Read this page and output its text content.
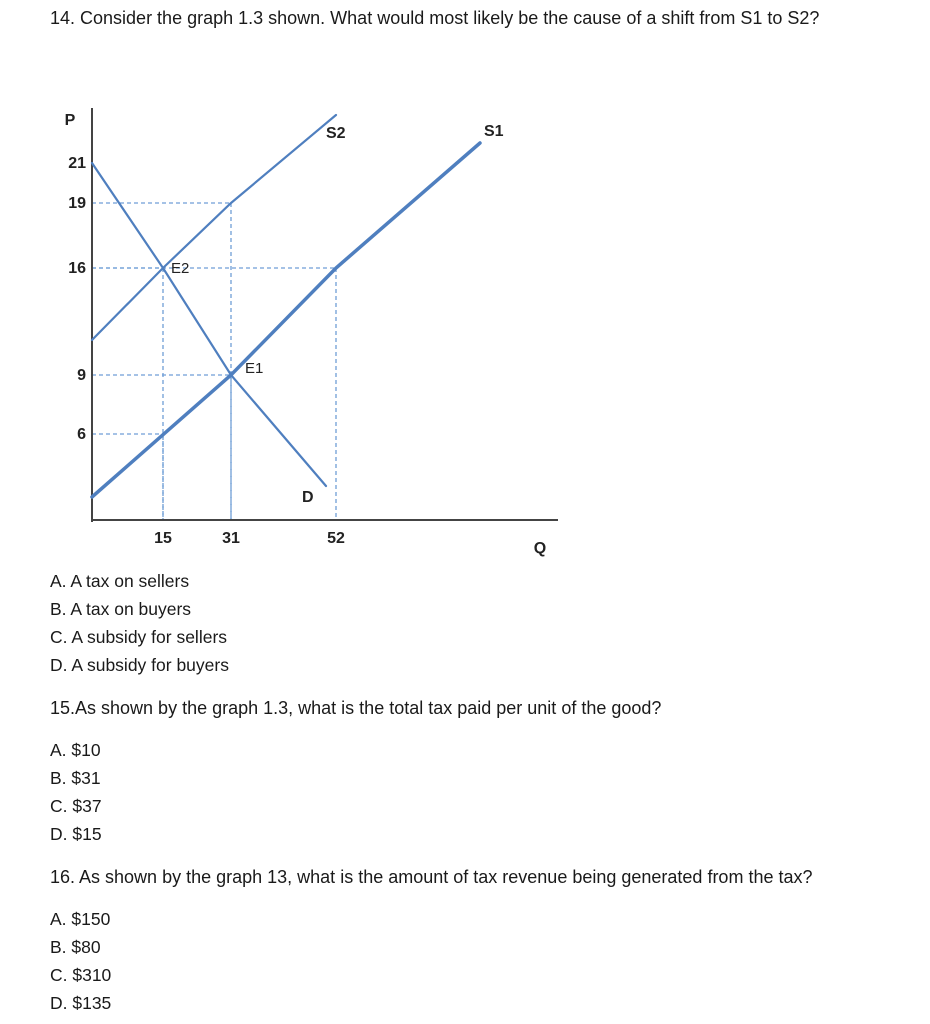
14. Consider the graph 1.3 shown. What would most likely be the cause of a shift from S1 to S2?
S1
S2
D
E1
E2
21
19
16
9
6
15	31	52
P
Q
A. A tax on sellers
B. A tax on buyers
C. A subsidy for sellers
D. A subsidy for buyers
15.As shown by the graph 1.3, what is the total tax paid per unit of the good?
A. $10
B. $31
C. $37
D. $15
16. As shown by the graph 13, what is the amount of tax revenue being generated from the tax?
A. $150
B. $80
C. $310
D. $135
